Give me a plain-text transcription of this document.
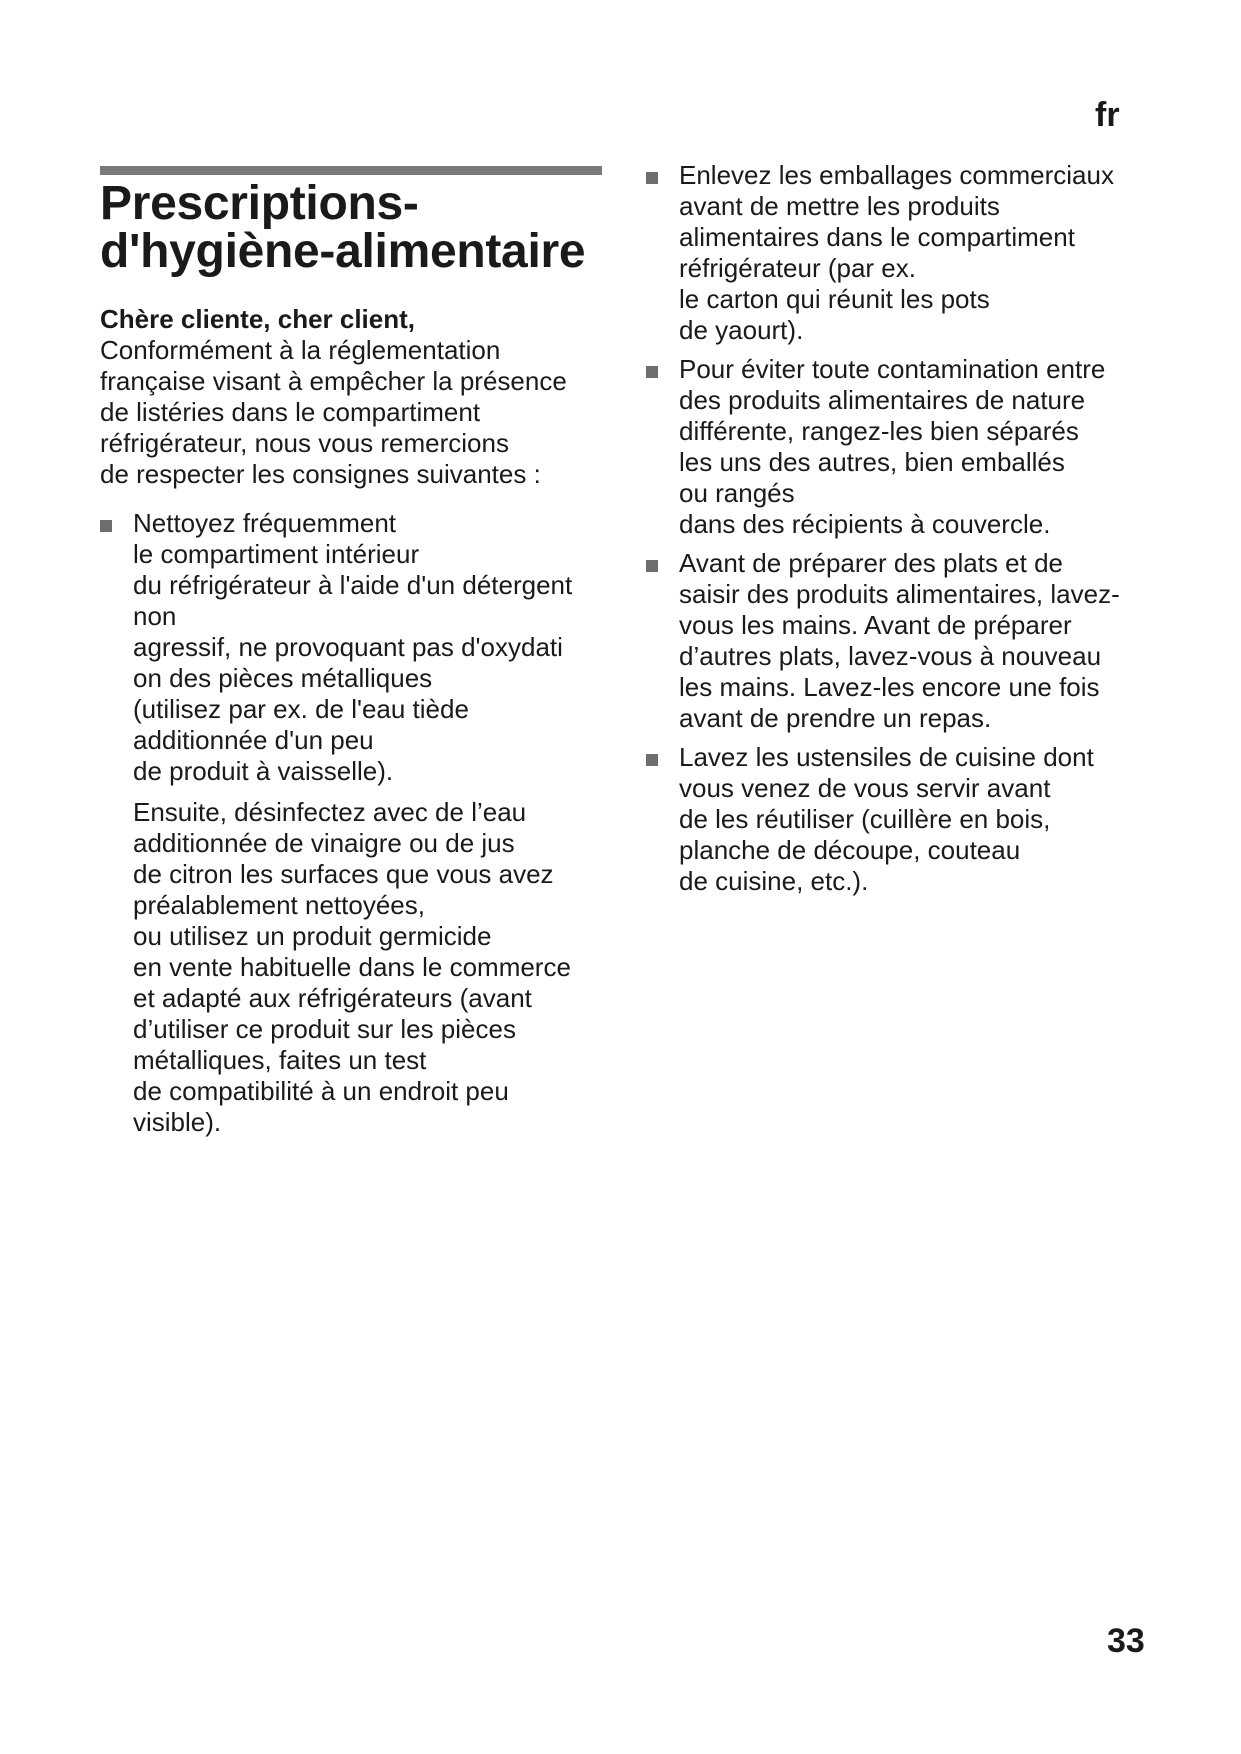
fr
Prescriptions-
d'hygiène-alimentaire
Chère cliente, cher client,

Conformément à la réglementation
française visant à empêcher la présence
de listéries dans le compartiment
réfrigérateur, nous vous remercions
de respecter les consignes suivantes :

Nettoyez fréquemment
le compartiment intérieur
du réfrigérateur à l'aide d'un détergent
non
agressif, ne provoquant pas d'oxydati
on des pièces métalliques
(utilisez par ex. de l'eau tiède
additionnée d'un peu
de produit à vaisselle).
Ensuite, désinfectez avec de l’eau
additionnée de vinaigre ou de jus
de citron les surfaces que vous avez
préalablement nettoyées,
ou utilisez un produit germicide
en vente habituelle dans le commerce
et adapté aux réfrigérateurs (avant
d’utiliser ce produit sur les pièces
métalliques, faites un test
de compatibilité à un endroit peu
visible).
Enlevez les emballages commerciaux
avant de mettre les produits
alimentaires dans le compartiment
réfrigérateur (par ex.
le carton qui réunit les pots
de yaourt).
Pour éviter toute contamination entre
des produits alimentaires de nature
différente, rangez-les bien séparés
les uns des autres, bien emballés
ou rangés
dans des récipients à couvercle.
Avant de préparer des plats et de
saisir des produits alimentaires, lavez-
vous les mains. Avant de préparer
d’autres plats, lavez-vous à nouveau
les mains. Lavez-les encore une fois
avant de prendre un repas.
Lavez les ustensiles de cuisine dont
vous venez de vous servir avant
de les réutiliser (cuillère en bois,
planche de découpe, couteau
de cuisine, etc.).
33
